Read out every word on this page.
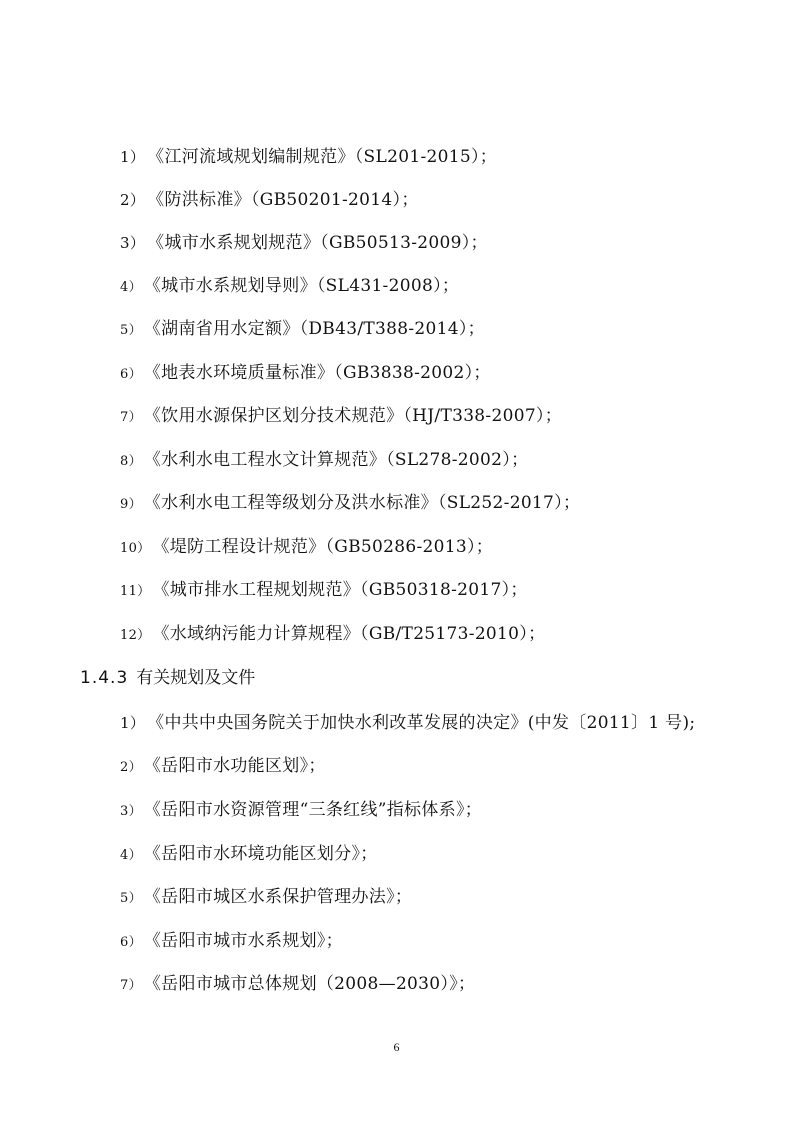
1） 《江河流域规划编制规范》（SL201-2015）；
2） 《防洪标准》（GB50201-2014）；
3） 《城市水系规划规范》（GB50513-2009）；
4） 《城市水系规划导则》（SL431-2008）；
5） 《湖南省用水定额》（DB43/T388-2014）；
6） 《地表水环境质量标准》（GB3838-2002）；
7） 《饮用水源保护区划分技术规范》（HJ/T338-2007）；
8） 《水利水电工程水文计算规范》（SL278-2002）；
9） 《水利水电工程等级划分及洪水标准》（SL252-2017）；
10） 《堤防工程设计规范》（GB50286-2013）；
11） 《城市排水工程规划规范》（GB50318-2017）；
12） 《水域纳污能力计算规程》（GB/T25173-2010）；
1.4.3 有关规划及文件
1） 《中共中央国务院关于加快水利改革发展的决定》(中发〔2011〕1 号);
2） 《岳阳市水功能区划》；
3） 《岳阳市水资源管理“三条红线”指标体系》；
4） 《岳阳市水环境功能区划分》；
5） 《岳阳市城区水系保护管理办法》；
6） 《岳阳市城市水系规划》；
7） 《岳阳市城市总体规划（2008—2030）》；
6
